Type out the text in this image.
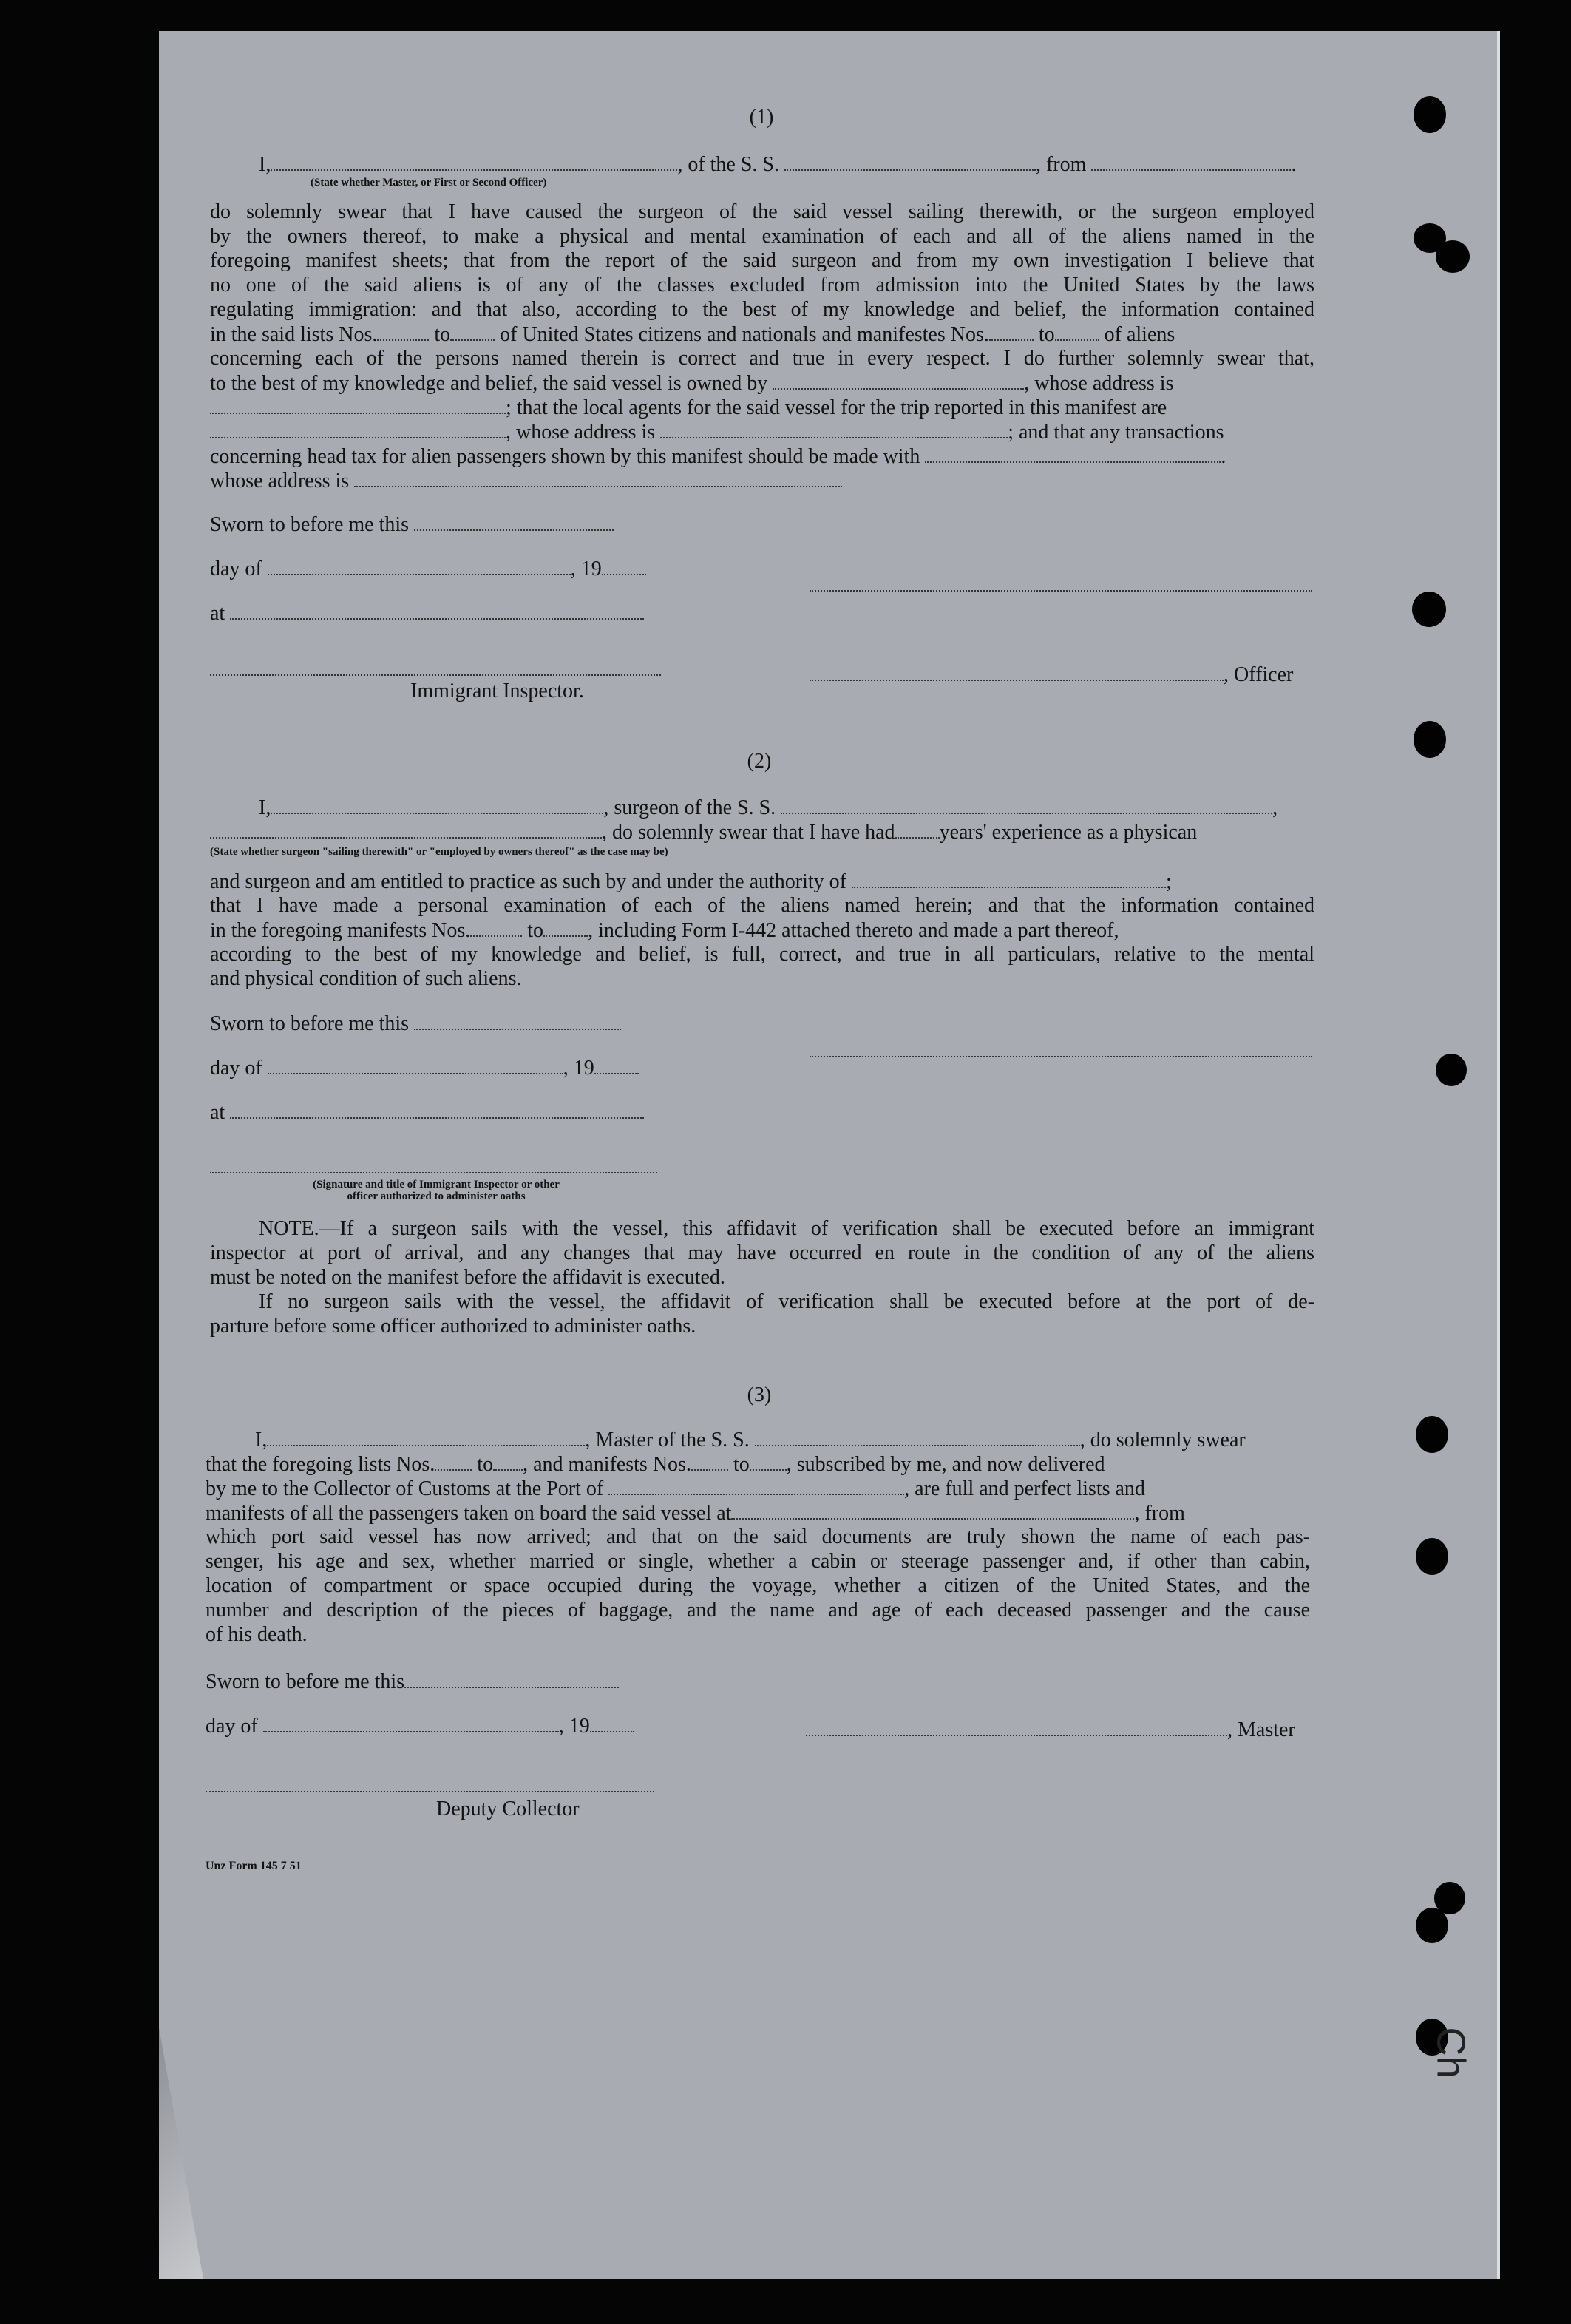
Ch

(1)

I,	, of the S. S.	, from	.

(State whether Master, or First or Second Officer)

do solemnly swear that I have caused the surgeon of the said vessel sailing therewith, or the surgeon employed

by the owners thereof, to make a physical and mental examination of each and all of the aliens named in the

foregoing manifest sheets; that from the report of the said surgeon and from my own investigation I believe that

no one of the said aliens is of any of the classes excluded from admission into the United States by the laws

regulating immigration: and that also, according to the best of my knowledge and belief, the information contained

in the said lists Nos.	to of United States citizens and nationals and manifestes Nos. to of aliens

concerning each of the persons named therein is correct and true in every respect. I do further solemnly swear that,

to the best of my knowledge and belief, the said vessel is owned by	, whose address is

; that the local agents for the said vessel for the trip reported in this manifest are

, whose address is	; and that any transactions

concerning head tax for alien passengers shown by this manifest should be made with	.

whose address is

Sworn to before me this

day of	, 19

at

Immigrant Inspector.

, Officer

(2)

I,	, surgeon of the S. S.	,

, do solemnly swear that I have had years' experience as a physican

(State whether surgeon "sailing therewith" or "employed by owners thereof" as the case may be)

and surgeon and am entitled to practice as such by and under the authority of	;

that I have made a personal examination of each of the aliens named herein; and that the information contained

in the foregoing manifests Nos.	to , including Form I-442 attached thereto and made a part thereof,

according to the best of my knowledge and belief, is full, correct, and true in all particulars, relative to the mental

and physical condition of such aliens.

Sworn to before me this

day of	, 19

at

(Signature and title of Immigrant Inspector or other

officer authorized to administer oaths

NOTE.—If a surgeon sails with the vessel, this affidavit of verification shall be executed before an immigrant

inspector at port of arrival, and any changes that may have occurred en route in the condition of any of the aliens

must be noted on the manifest before the affidavit is executed.

If no surgeon sails with the vessel, the affidavit of verification shall be executed before at the port of de-

parture before some officer authorized to administer oaths.

(3)

I,	, Master of the S. S.	, do solemnly swear

that the foregoing lists Nos. to , and manifests Nos. to , subscribed by me, and now delivered

by me to the Collector of Customs at the Port of	, are full and perfect lists and

manifests of all the passengers taken on board the said vessel at	, from

which port said vessel has now arrived; and that on the said documents are truly shown the name of each pas-

senger, his age and sex, whether married or single, whether a cabin or steerage passenger and, if other than cabin,

location of compartment or space occupied during the voyage, whether a citizen of the United States, and the

number and description of the pieces of baggage, and the name and age of each deceased passenger and the cause

of his death.

Sworn to before me this

day of	, 19	, Master

Deputy Collector

Unz Form 145 7 51
